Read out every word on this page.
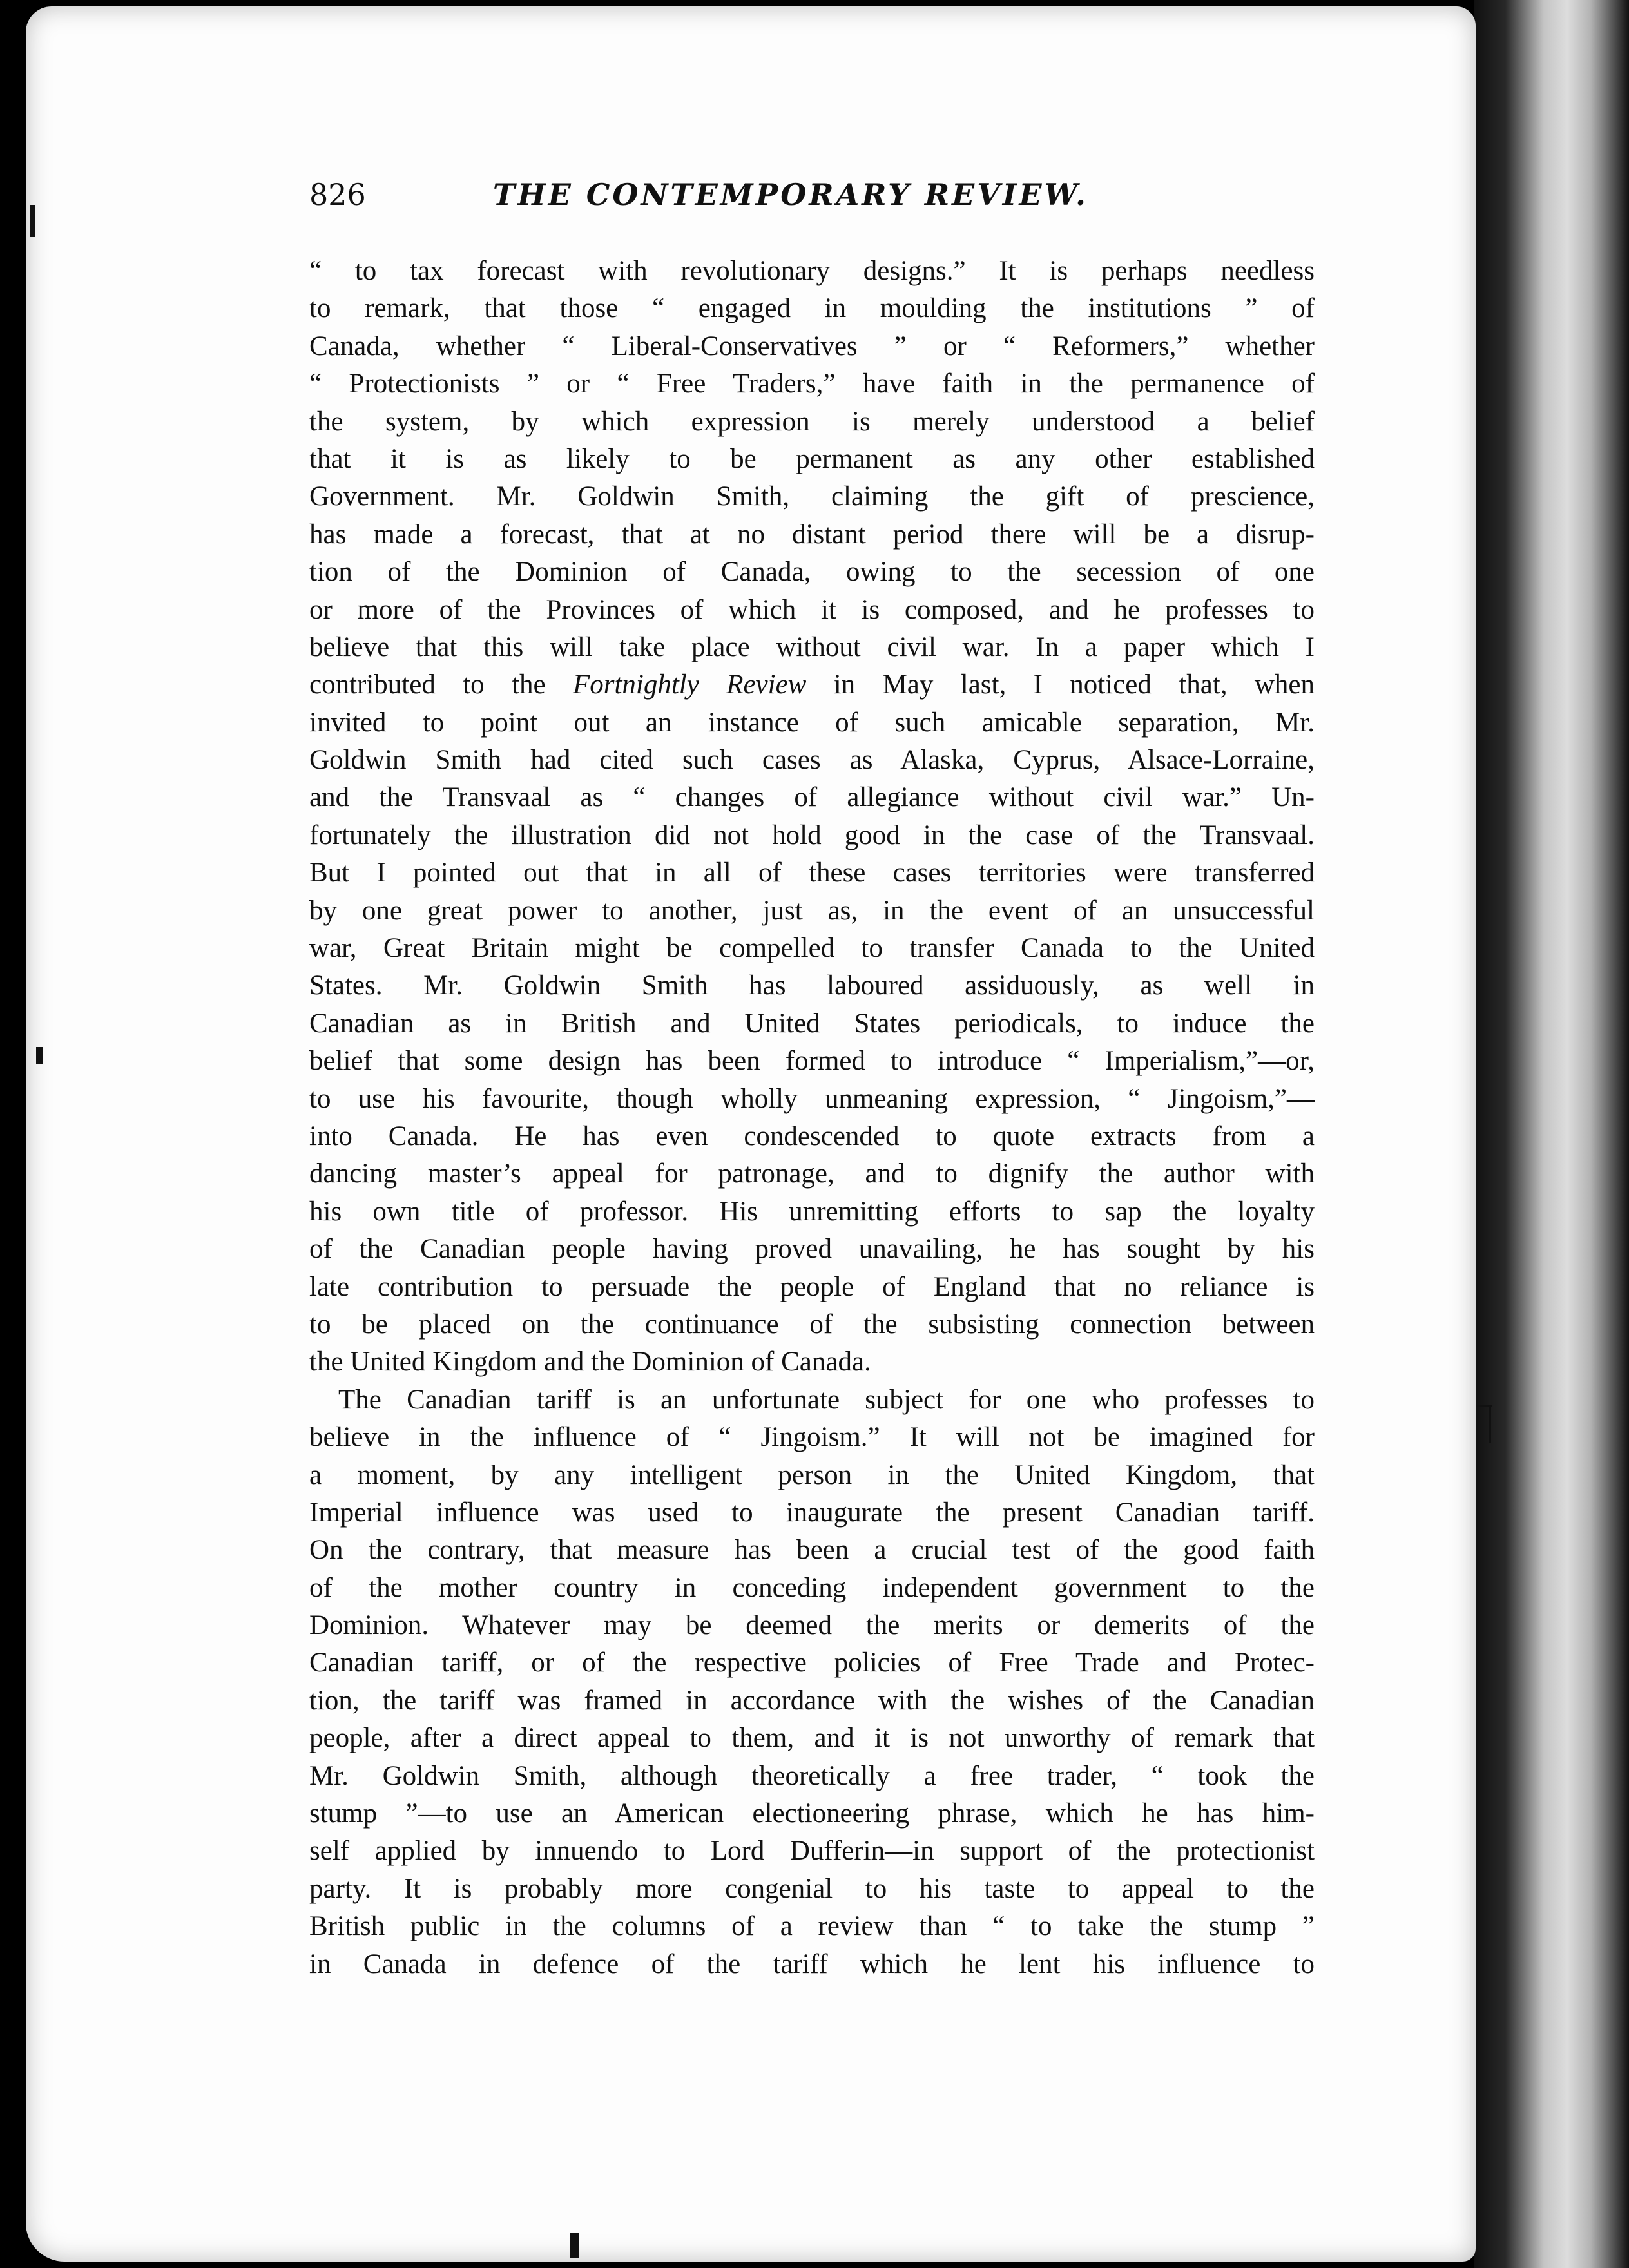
826	THE CONTEMPORARY REVIEW.
“ to tax forecast with revolutionary designs.” It is perhaps needless
to remark, that those “ engaged in moulding the institutions ” of
Canada, whether “ Liberal-Conservatives ” or “ Reformers,” whether
“ Protectionists ” or “ Free Traders,” have faith in the permanence of
the system, by which expression is merely understood a belief
that it is as likely to be permanent as any other established
Government. Mr. Goldwin Smith, claiming the gift of prescience,
has made a forecast, that at no distant period there will be a disrup-
tion of the Dominion of Canada, owing to the secession of one
or more of the Provinces of which it is composed, and he professes to
believe that this will take place without civil war. In a paper which I
contributed to the Fortnightly Review in May last, I noticed that, when
invited to point out an instance of such amicable separation, Mr.
Goldwin Smith had cited such cases as Alaska, Cyprus, Alsace-Lorraine,
and the Transvaal as “ changes of allegiance without civil war.” Un-
fortunately the illustration did not hold good in the case of the Transvaal.
But I pointed out that in all of these cases territories were transferred
by one great power to another, just as, in the event of an unsuccessful
war, Great Britain might be compelled to transfer Canada to the United
States. Mr. Goldwin Smith has laboured assiduously, as well in
Canadian as in British and United States periodicals, to induce the
belief that some design has been formed to introduce “ Imperialism,”—or,
to use his favourite, though wholly unmeaning expression, “ Jingoism,”—
into Canada. He has even condescended to quote extracts from a
dancing master’s appeal for patronage, and to dignify the author with
his own title of professor. His unremitting efforts to sap the loyalty
of the Canadian people having proved unavailing, he has sought by his
late contribution to persuade the people of England that no reliance is
to be placed on the continuance of the subsisting connection between
the United Kingdom and the Dominion of Canada.
The Canadian tariff is an unfortunate subject for one who professes to
believe in the influence of “ Jingoism.” It will not be imagined for
a moment, by any intelligent person in the United Kingdom, that
Imperial influence was used to inaugurate the present Canadian tariff.
On the contrary, that measure has been a crucial test of the good faith
of the mother country in conceding independent government to the
Dominion. Whatever may be deemed the merits or demerits of the
Canadian tariff, or of the respective policies of Free Trade and Protec-
tion, the tariff was framed in accordance with the wishes of the Canadian
people, after a direct appeal to them, and it is not unworthy of remark that
Mr. Goldwin Smith, although theoretically a free trader, “ took the
stump ”—to use an American electioneering phrase, which he has him-
self applied by innuendo to Lord Dufferin—in support of the protectionist
party. It is probably more congenial to his taste to appeal to the
British public in the columns of a review than “ to take the stump ”
in Canada in defence of the tariff which he lent his influence to
